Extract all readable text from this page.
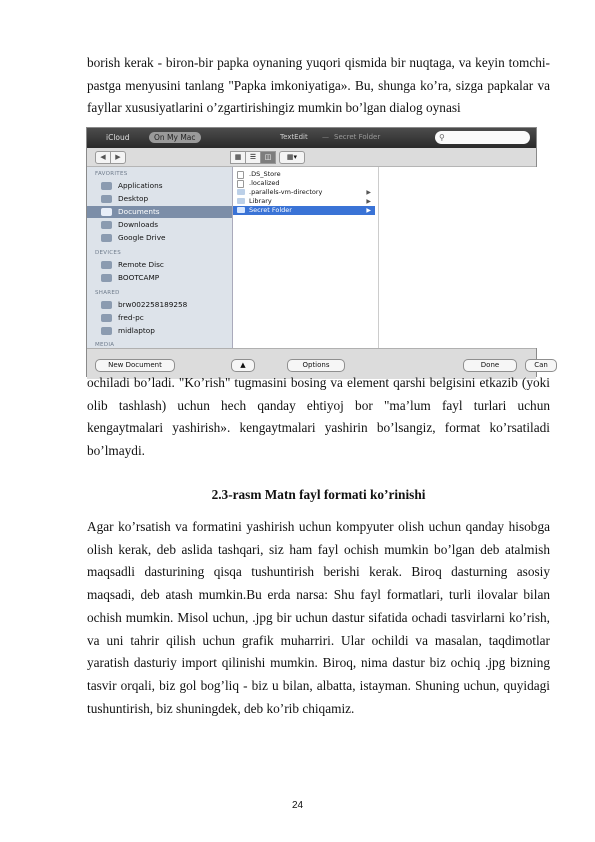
borish kerak - biron-bir papka oynaning yuqori qismida bir nuqtaga, va keyin tomchi-pastga menyusini tanlang "Papka imkoniyatiga». Bu, shunga ko’ra, sizga papkalar va fayllar xususiyatlarini o’zgartirishingiz mumkin bo’lgan dialog oynasi

iCloud	On My Mac	TextEdit — Secret Folder	⚲
◀	▶	▦	☰	◫	▦▾
FAVORITES
Applications
Desktop
Documents
Downloads
Google Drive
DEVICES
Remote Disc
BOOTCAMP
SHARED
brw002258189258
fred-pc
midlaptop
MEDIA
.DS_Store
.localized
.parallels-vm-directory	▶
Library	▶
Secret Folder	▶
New Document	▲	Options	Done	Can

ochiladi bo’ladi. "Ko’rish" tugmasini bosing va element qarshi belgisini etkazib (yoki olib tashlash) uchun hech qanday ehtiyoj bor "ma’lum fayl turlari uchun kengaytmalari yashirish». kengaytmalari yashirin bo’lsangiz, format ko’rsatiladi bo’lmaydi.

2.3-rasm Matn fayl formati ko’rinishi

Agar ko’rsatish va formatini yashirish uchun kompyuter olish uchun qanday hisobga olish kerak, deb aslida tashqari, siz ham fayl ochish mumkin bo’lgan deb atalmish maqsadli dasturining qisqa tushuntirish berishi kerak. Biroq dasturning asosiy maqsadi, deb atash mumkin.Bu erda narsa: Shu fayl formatlari, turli ilovalar bilan ochish mumkin. Misol uchun, .jpg bir uchun dastur sifatida ochadi tasvirlarni ko’rish, va uni tahrir qilish uchun grafik muharriri. Ular ochildi va masalan, taqdimotlar yaratish dasturiy import qilinishi mumkin. Biroq, nima dastur biz ochiq .jpg bizning tasvir orqali, biz gol bog’liq - biz u bilan, albatta, istayman. Shuning uchun, quyidagi tushuntirish, biz shuningdek, deb ko’rib chiqamiz.

24
